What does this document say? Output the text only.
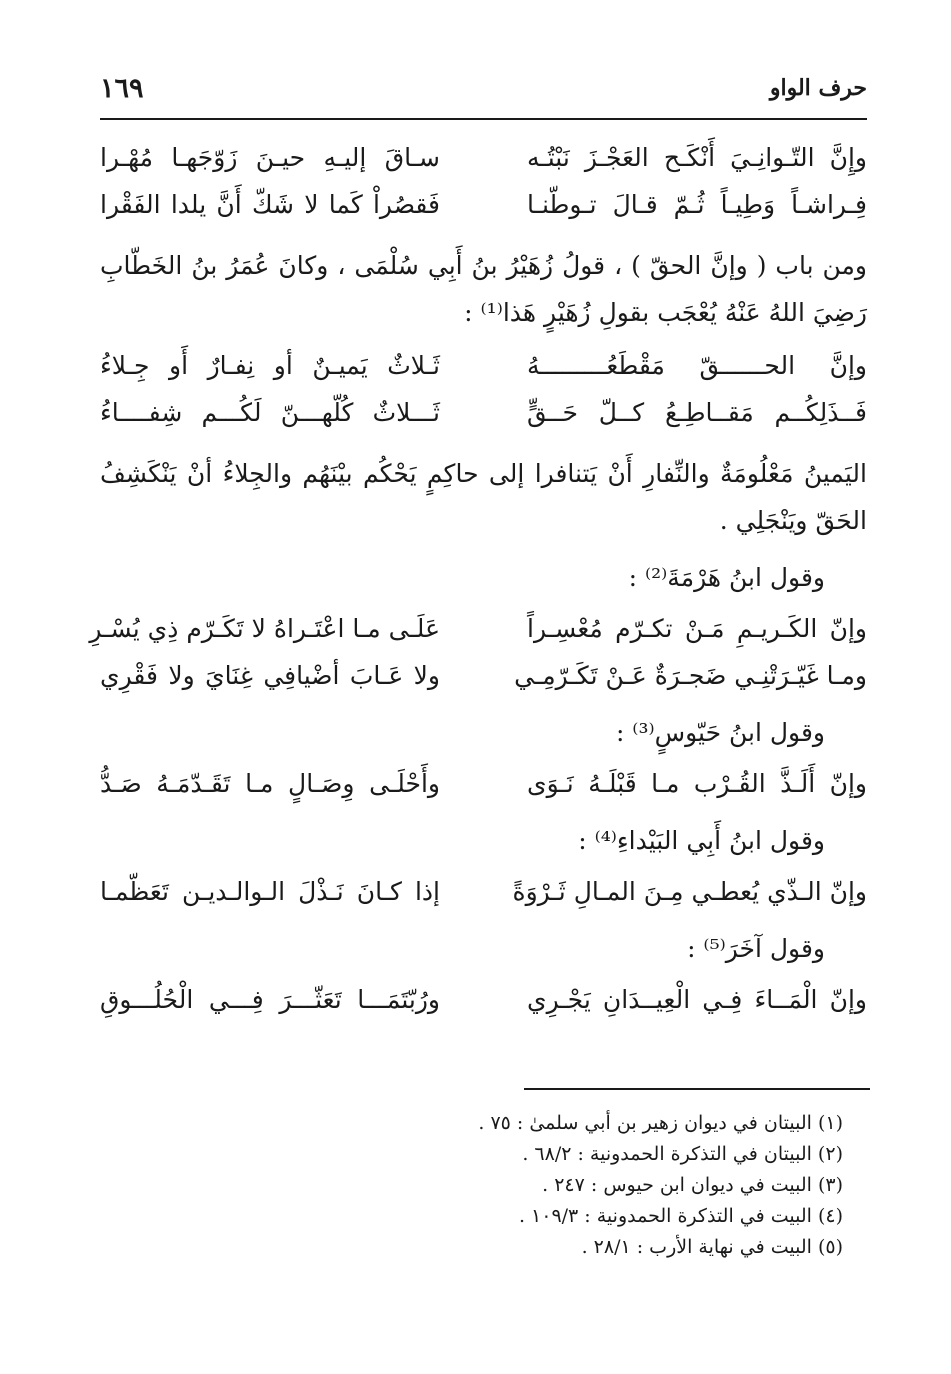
حرف الواو
١٦٩
وإِنَّ التّـوانِـيَ أَنْكَـح العَجْـزَ نَبْتُـه
سـاقَ إليـهِ حيـنَ زَوّجَهـا مُهْـرا
فِـراشـاً وَطِيـاً ثُـمّ قـالَ تـوطّنـا
فَقصُراْ كَما لا شَكّ أَنَّ يلدا الفَقْرا
ومن باب ( وإنَّ الحقّ ) ، قولُ زُهَيْرُ بنُ أَبِي سُلْمَى ، وكانَ عُمَرُ بنُ الخَطّابِ رَضِيَ اللهُ عَنْهُ يُعْجَب بقولِ زُهَيْرٍ هَذا⁽¹⁾ :
وإنَّ الحــــــقّ مَقْطَعُـــــــــهُ
ثَـلاثٌ يَميـنٌ أو نِفـارٌ أَو جِـلاءُ
فَــذَلِكُــم مَقــاطِـعُ كــلّ حَــقٍّ
ثَـــلاثٌ كُلّهـــنّ لَكُـــم شِفــــاءُ
اليَمينُ مَعْلُومَةٌ والنِّفارِ أَنْ يَتنافرا إلى حاكِمٍ يَحْكُم بيْنَهُم والجِلاءُ أنْ يَنْكَشِفُ الحَقّ ويَنْجَلِي .
وقول ابنُ هَرْمَةَ⁽²⁾ :
وإنّ الكَـريـمِ مَـنْ تكـرّم مُعْسِـراً
عَلَـى مـا اعْتَـراهُ لا تَكَـرّم ذِي يُسْـرِ
ومـا غَيّـرَتْنِـي ضَجـرَةٌ عَـنْ تَكَـرّمِـي
ولا عَـابَ أضْيافِي غِنَايَ ولا فَقْرِي
وقول ابنُ حَيّوسٍ⁽³⁾ :
وإنّ أَلَـذَّ القُـرْب مـا قَبْلَـهُ نَـوَى
وأَحْلَـى وِصَـالٍ مـا تَقَـدّمَـهُ صَـدُّ
وقول ابنُ أَبِي البَيْداءِ⁽⁴⁾ :
وإنّ الـذّي يُعطـي مِـنَ المـالِ ثَـرْوَةً
إذا كـانَ نَـذْلَ الـوالـديـن تَعَظّمـا
وقول آخَرَ⁽⁵⁾ :
وإنّ الْمَــاءَ فِـي الْعِيــدَانِ يَجْـرِي
ورُبّتَمَـــا تَعَثّـــرَ فِـــي الْحُلُـــوقِ
(١) البيتان في ديوان زهير بن أبي سلمىٰ : ٧٥ .
(٢) البيتان في التذكرة الحمدونية : ٦٨/٢ .
(٣) البيت في ديوان ابن حيوس : ٢٤٧ .
(٤) البيت في التذكرة الحمدونية : ١٠٩/٣ .
(٥) البيت في نهاية الأرب : ٢٨/١ .
